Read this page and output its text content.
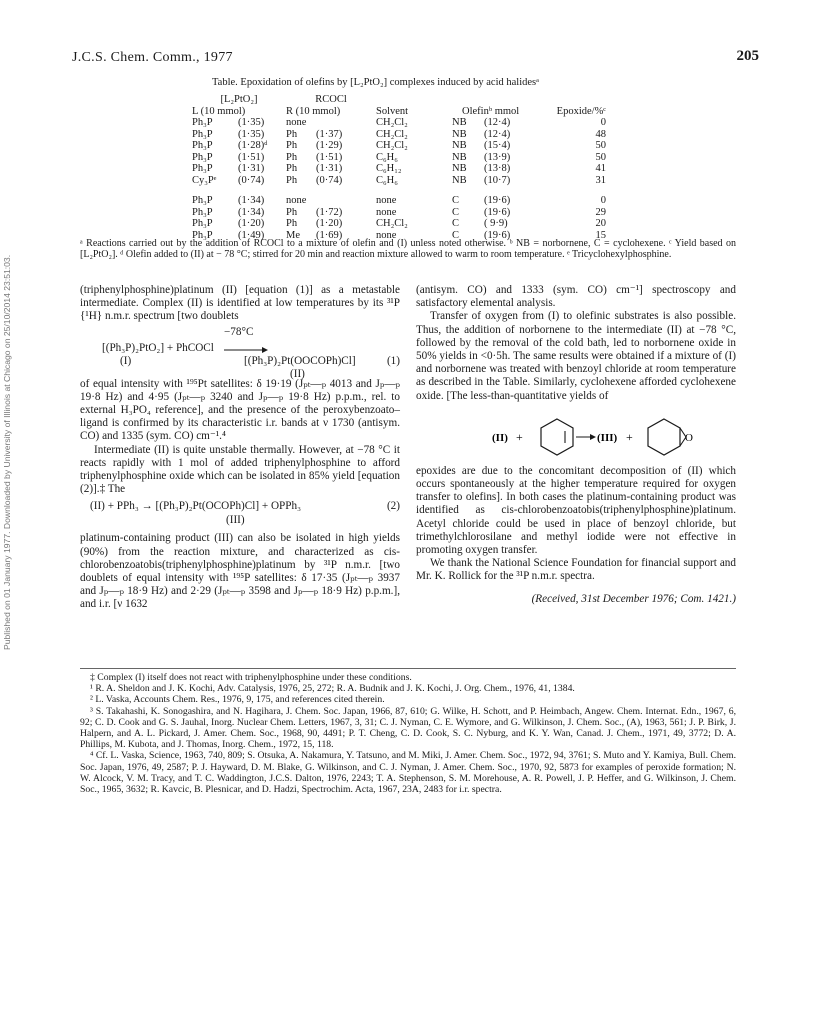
Published on 01 January 1977. Downloaded by University of Illinois at Chicago on 25/10/2014 23:51:03.
J.C.S. Chem. Comm., 1977	205
Table. Epoxidation of olefins by [L₂PtO₂] complexes induced by acid halidesᵃ
[L₂PtO₂]		RCOCl					
L (10 mmol)		R (10 mmol)		Solvent	Olefinᵇ mmol		Epoxide/%ᶜ
Ph₃P	(1·35)	none		CH₂Cl₂	NB	(12·4)	0
Ph₃P	(1·35)	Ph	(1·37)	CH₂Cl₂	NB	(12·4)	48
Ph₃P	(1·28)ᵈ	Ph	(1·29)	CH₂Cl₂	NB	(15·4)	50
Ph₃P	(1·51)	Ph	(1·51)	C₆H₆	NB	(13·9)	50
Ph₃P	(1·31)	Ph	(1·31)	C₆H₁₂	NB	(13·8)	41
Cy₃Pᵉ	(0·74)	Ph	(0·74)	C₆H₆	NB	(10·7)	31

Ph₃P	(1·34)	none		none	C	(19·6)	0
Ph₃P	(1·34)	Ph	(1·72)	none	C	(19·6)	29
Ph₃P	(1·20)	Ph	(1·20)	CH₂Cl₂	C	( 9·9)	20
Ph₃P	(1·49)	Me	(1·69)	none	C	(19·6)	15
ᵃ Reactions carried out by the addition of RCOCl to a mixture of olefin and (I) unless noted otherwise. ᵇ NB = norbornene, C = cyclohexene. ᶜ Yield based on [L₂PtO₂]. ᵈ Olefin added to (II) at − 78 °C; stirred for 20 min and reaction mixture allowed to warm to room temperature. ᵉ Tricyclohexylphosphine.

(triphenylphosphine)platinum (II) [equation (1)] as a metastable intermediate. Complex (II) is identified at low temperatures by its ³¹P {¹H} n.m.r. spectrum [two doublets

−78°C
[(Ph₃P)₂PtO₂] + PhCOCl →
(I)	[(Ph₃P)₂Pt(OOCOPh)Cl]	(1)
(II)

of equal intensity with ¹⁹⁵Pt satellites: δ 19·19 (Jₚₜ—ₚ 4013 and Jₚ—ₚ 19·8 Hz) and 4·95 (Jₚₜ—ₚ 3240 and Jₚ—ₚ 19·8 Hz) p.p.m., rel. to external H₃PO₄ reference], and the presence of the peroxybenzoato–ligand is confirmed by its characteristic i.r. bands at ν 1730 (antisym. CO) and 1335 (sym. CO) cm⁻¹.⁴

Intermediate (II) is quite unstable thermally. However, at −78 °C it reacts rapidly with 1 mol of added triphenylphosphine to afford triphenylphosphine oxide which can be isolated in 85% yield [equation (2)].‡ The

(II) + PPh₃ → [(Ph₃P)₂Pt(OCOPh)Cl] + OPPh₃	(2)
(III)

platinum-containing product (III) can also be isolated in high yields (90%) from the reaction mixture, and characterized as cis-chlorobenzoatobis(triphenylphosphine)platinum by ³¹P n.m.r. [two doublets of equal intensity with ¹⁹⁵P satellites: δ 17·35 (Jₚₜ—ₚ 3937 and Jₚ—ₚ 18·9 Hz) and 2·29 (Jₚₜ—ₚ 3598 and Jₚ—ₚ 18·9 Hz) p.p.m.], and i.r. [ν 1632

(antisym. CO) and 1333 (sym. CO) cm⁻¹] spectroscopy and satisfactory elemental analysis.

Transfer of oxygen from (I) to olefinic substrates is also possible. Thus, the addition of norbornene to the intermediate (II) at −78 °C, followed by the removal of the cold bath, led to norbornene oxide in 50% yields in <0·5h. The same results were obtained if a mixture of (I) and norbornene was treated with benzoyl chloride at room temperature as described in the Table. Similarly, cyclohexene afforded cyclohexene oxide. [The less-than-quantitative yields of

(II) +	(III) +	O

epoxides are due to the concomitant decomposition of (II) which occurs spontaneously at the higher temperature required for oxygen transfer to olefins]. In both cases the platinum-containing product was identified as cis-chlorobenzoatobis(triphenylphosphine)platinum. Acetyl chloride could be used in place of benzoyl chloride, but trimethylchlorosilane and methyl iodide were not effective in promoting oxygen transfer.

We thank the National Science Foundation for financial support and Mr. K. Rollick for the ³¹P n.m.r. spectra.

(Received, 31st December 1976; Com. 1421.)

‡ Complex (I) itself does not react with triphenylphosphine under these conditions.

¹ R. A. Sheldon and J. K. Kochi, Adv. Catalysis, 1976, 25, 272; R. A. Budnik and J. K. Kochi, J. Org. Chem., 1976, 41, 1384.

² L. Vaska, Accounts Chem. Res., 1976, 9, 175, and references cited therein.

³ S. Takahashi, K. Sonogashira, and N. Hagihara, J. Chem. Soc. Japan, 1966, 87, 610; G. Wilke, H. Schott, and P. Heimbach, Angew. Chem. Internat. Edn., 1967, 6, 92; C. D. Cook and G. S. Jauhal, Inorg. Nuclear Chem. Letters, 1967, 3, 31; C. J. Nyman, C. E. Wymore, and G. Wilkinson, J. Chem. Soc., (A), 1963, 561; J. P. Birk, J. Halpern, and A. L. Pickard, J. Amer. Chem. Soc., 1968, 90, 4491; P. T. Cheng, C. D. Cook, S. C. Nyburg, and K. Y. Wan, Canad. J. Chem., 1971, 49, 3772; D. A. Phillips, M. Kubota, and J. Thomas, Inorg. Chem., 1972, 15, 118.

⁴ Cf. L. Vaska, Science, 1963, 740, 809; S. Otsuka, A. Nakamura, Y. Tatsuno, and M. Miki, J. Amer. Chem. Soc., 1972, 94, 3761; S. Muto and Y. Kamiya, Bull. Chem. Soc. Japan, 1976, 49, 2587; P. J. Hayward, D. M. Blake, G. Wilkinson, and C. J. Nyman, J. Amer. Chem. Soc., 1970, 92, 5873 for examples of peroxide formation; N. W. Alcock, V. M. Tracy, and T. C. Waddington, J.C.S. Dalton, 1976, 2243; T. A. Stephenson, S. M. Morehouse, A. R. Powell, J. P. Heffer, and G. Wilkinson, J. Chem. Soc., 1965, 3632; R. Kavcic, B. Plesnicar, and D. Hadzi, Spectrochim. Acta, 1967, 23A, 2483 for i.r. spectra.
